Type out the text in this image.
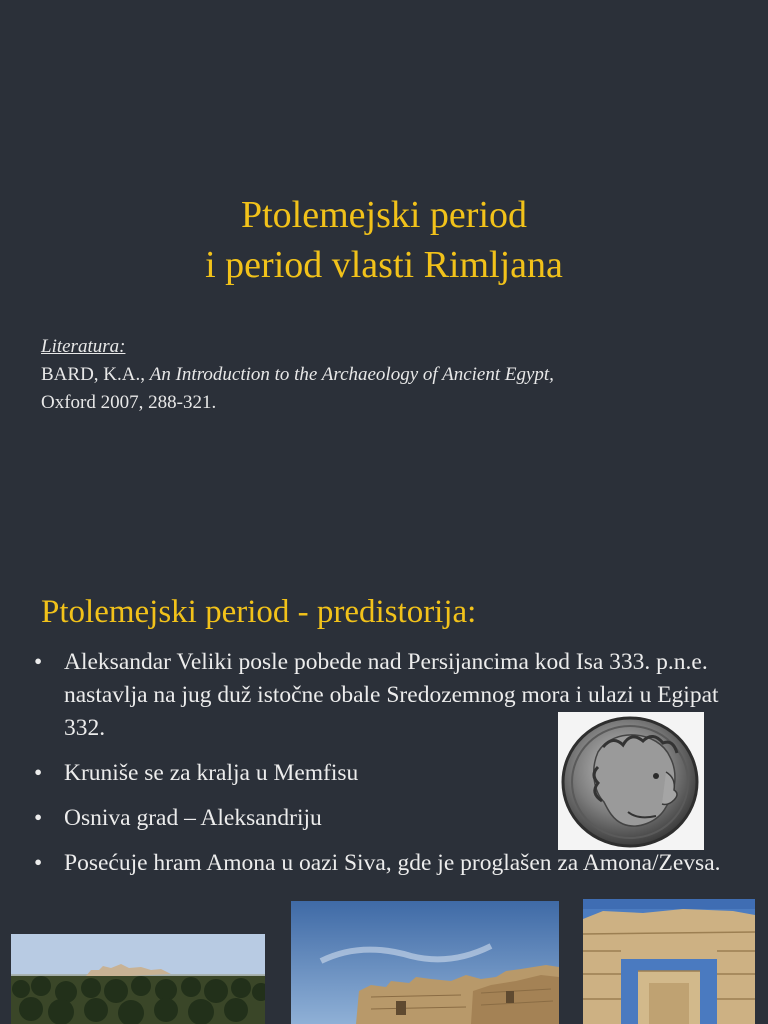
Ptolemejski period
i period vlasti Rimljana
Literatura:
BARD, K.A., An Introduction to the Archaeology of Ancient Egypt,
Oxford 2007, 288-321.
Ptolemejski period - predistorija:
• Aleksandar Veliki posle pobede nad Persijancima kod Isa 333. p.n.e. nastavlja na jug duž istočne obale Sredozemnog mora i ulazi u Egipat 332.
• Kruniše se za kralja u Memfisu
• Osniva grad – Aleksandriju
• Posećuje hram Amona u oazi Siva, gde je proglašen za Amona/Zevsa.
